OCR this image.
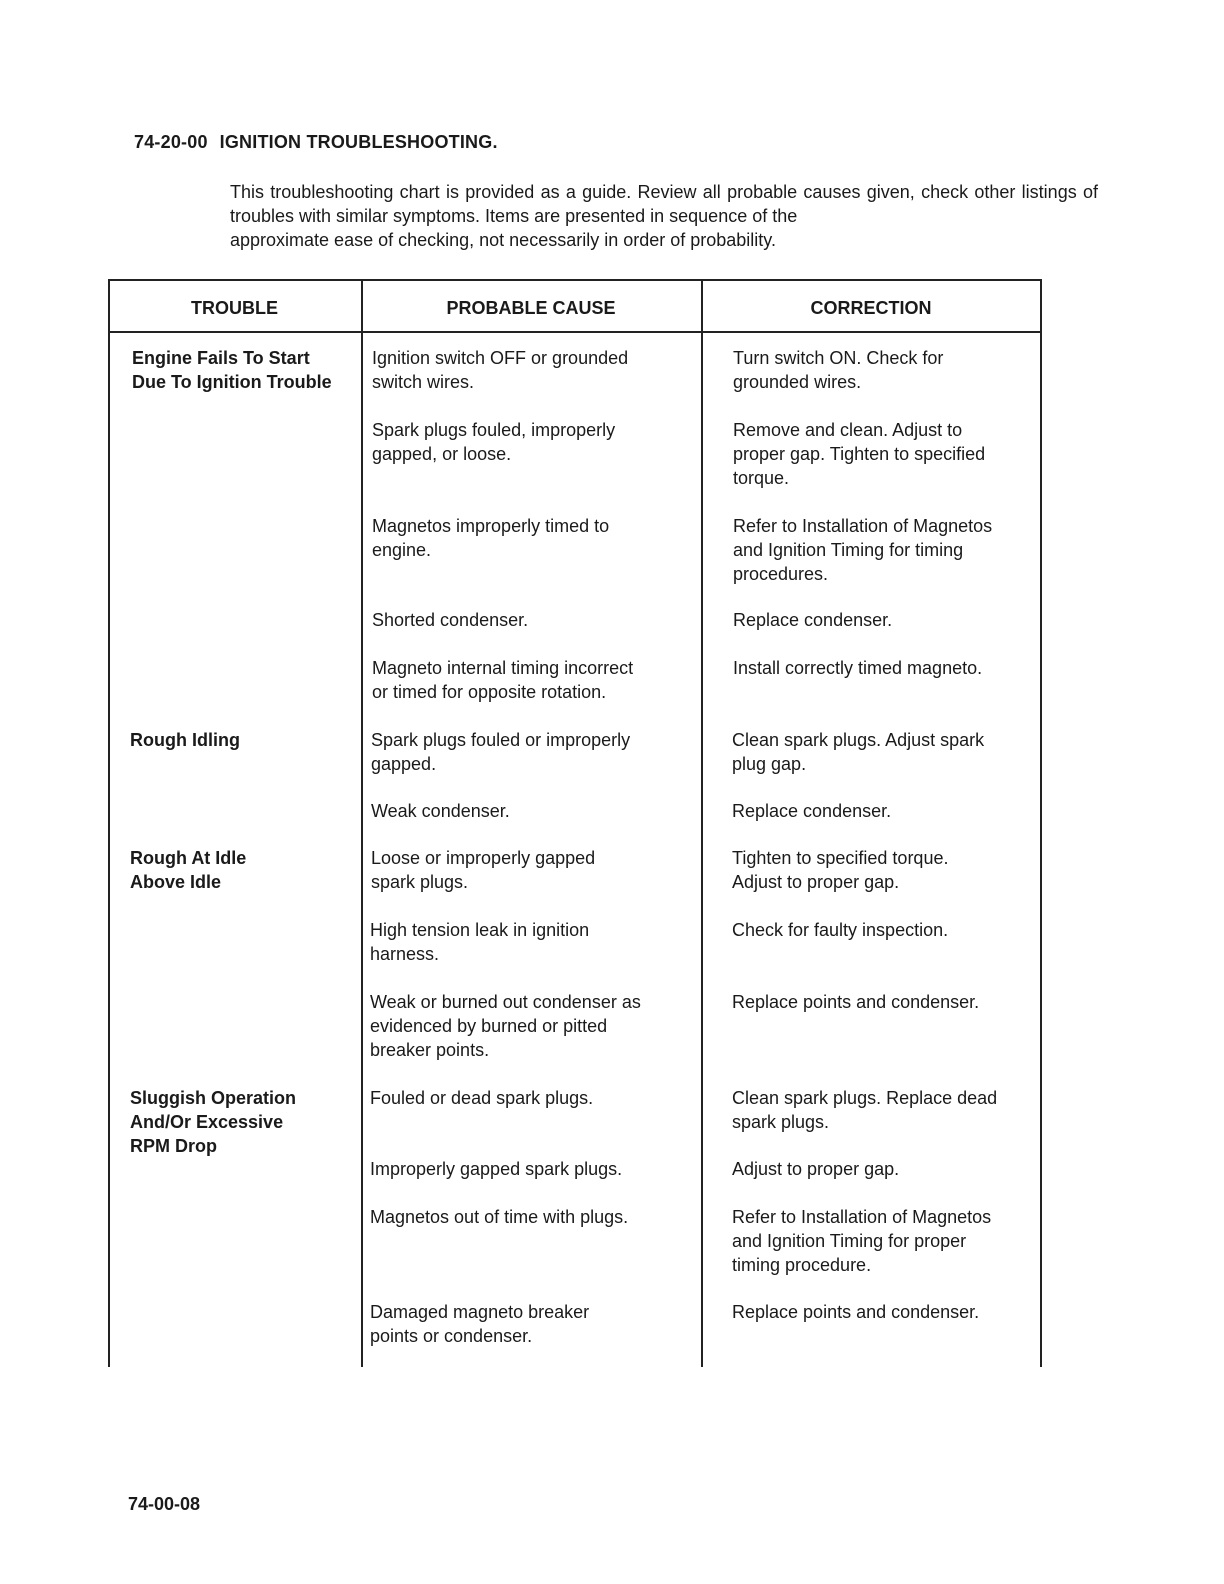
74-20-00 IGNITION TROUBLESHOOTING.
This troubleshooting chart is provided as a guide. Review all probable causes given, check other listings of troubles with similar symptoms. Items are presented in sequence of the
approximate ease of checking, not necessarily in order of probability.
TROUBLE	PROBABLE CAUSE	CORRECTION
Engine Fails To Start
Due To Ignition Trouble
Rough Idling
Rough At Idle
Above Idle
Sluggish Operation
And/Or Excessive
RPM Drop
Ignition switch OFF or grounded
switch wires.
Spark plugs fouled, improperly
gapped, or loose.
Magnetos improperly timed to
engine.
Shorted condenser.
Magneto internal timing incorrect
or timed for opposite rotation.
Spark plugs fouled or improperly
gapped.
Weak condenser.
Loose or improperly gapped
spark plugs.
High tension leak in ignition
harness.
Weak or burned out condenser as
evidenced by burned or pitted
breaker points.
Fouled or dead spark plugs.
Improperly gapped spark plugs.
Magnetos out of time with plugs.
Damaged magneto breaker
points or condenser.
Turn switch ON. Check for
grounded wires.
Remove and clean. Adjust to
proper gap. Tighten to specified
torque.
Refer to Installation of Magnetos
and Ignition Timing for timing
procedures.
Replace condenser.
Install correctly timed magneto.
Clean spark plugs. Adjust spark
plug gap.
Replace condenser.
Tighten to specified torque.
Adjust to proper gap.
Check for faulty inspection.
Replace points and condenser.
Clean spark plugs. Replace dead
spark plugs.
Adjust to proper gap.
Refer to Installation of Magnetos
and Ignition Timing for proper
timing procedure.
Replace points and condenser.
74-00-08
